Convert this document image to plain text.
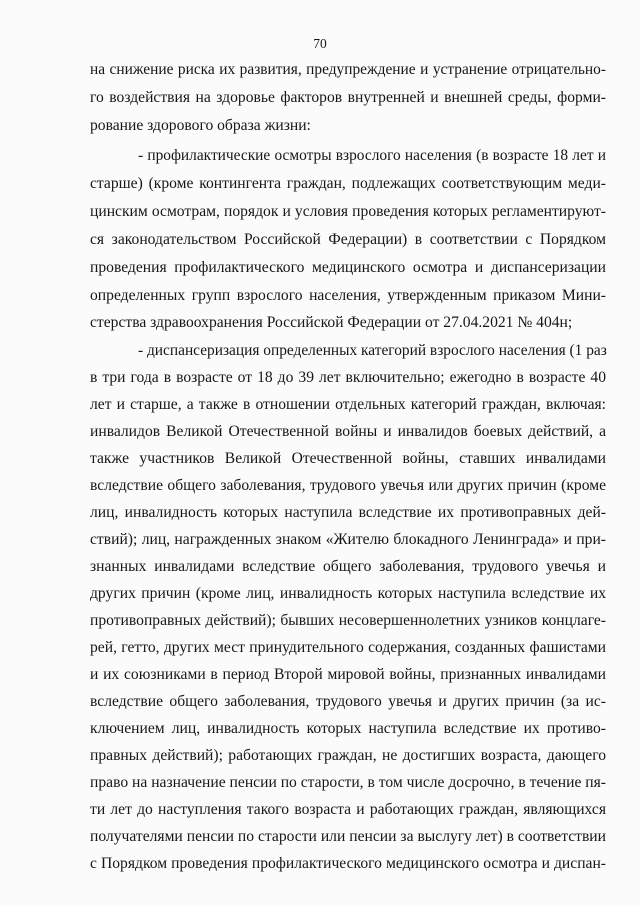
70
на снижение риска их развития, предупреждение и устранение отрицательно-
го воздействия на здоровье факторов внутренней и внешней среды, форми-
рование здорового образа жизни:
- профилактические осмотры взрослого населения (в возрасте 18 лет и
старше) (кроме контингента граждан, подлежащих соответствующим меди-
цинским осмотрам, порядок и условия проведения которых регламентируют-
ся законодательством Российской Федерации) в соответствии с Порядком
проведения профилактического медицинского осмотра и диспансеризации
определенных групп взрослого населения, утвержденным приказом Мини-
стерства здравоохранения Российской Федерации от 27.04.2021 № 404н;
- диспансеризация определенных категорий взрослого населения (1 раз
в три года в возрасте от 18 до 39 лет включительно; ежегодно в возрасте 40
лет и старше, а также в отношении отдельных категорий граждан, включая:
инвалидов Великой Отечественной войны и инвалидов боевых действий, а
также участников Великой Отечественной войны, ставших инвалидами
вследствие общего заболевания, трудового увечья или других причин (кроме
лиц, инвалидность которых наступила вследствие их противоправных дей-
ствий); лиц, награжденных знаком «Жителю блокадного Ленинграда» и при-
знанных инвалидами вследствие общего заболевания, трудового увечья и
других причин (кроме лиц, инвалидность которых наступила вследствие их
противоправных действий); бывших несовершеннолетних узников концлаге-
рей, гетто, других мест принудительного содержания, созданных фашистами
и их союзниками в период Второй мировой войны, признанных инвалидами
вследствие общего заболевания, трудового увечья и других причин (за ис-
ключением лиц, инвалидность которых наступила вследствие их противо-
правных действий); работающих граждан, не достигших возраста, дающего
право на назначение пенсии по старости, в том числе досрочно, в течение пя-
ти лет до наступления такого возраста и работающих граждан, являющихся
получателями пенсии по старости или пенсии за выслугу лет) в соответствии
с Порядком проведения профилактического медицинского осмотра и диспан-
